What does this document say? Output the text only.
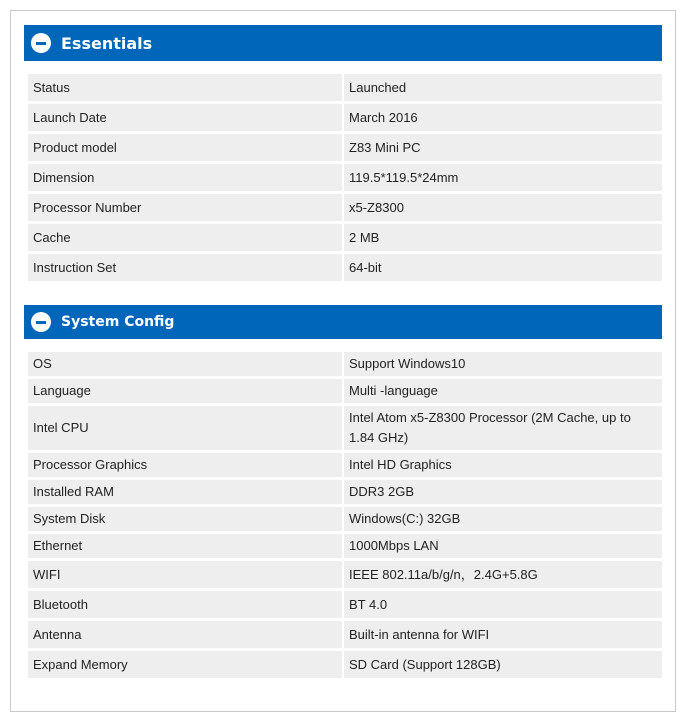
Essentials
Status	Launched
Launch Date	March 2016
Product model	Z83 Mini PC
Dimension	119.5*119.5*24mm
Processor Number	x5-Z8300
Cache	2 MB
Instruction Set	64-bit
System Config
OS	Support Windows10
Language	Multi -language
Intel CPU	Intel Atom x5-Z8300 Processor (2M Cache, up to 1.84 GHz)
Processor Graphics	Intel HD Graphics
Installed RAM	DDR3 2GB
System Disk	Windows(C:) 32GB
Ethernet	1000Mbps LAN
WIFI	IEEE 802.11a/b/g/n，2.4G+5.8G
Bluetooth	BT 4.0
Antenna	Built-in antenna for WIFI
Expand Memory	SD Card (Support 128GB)
